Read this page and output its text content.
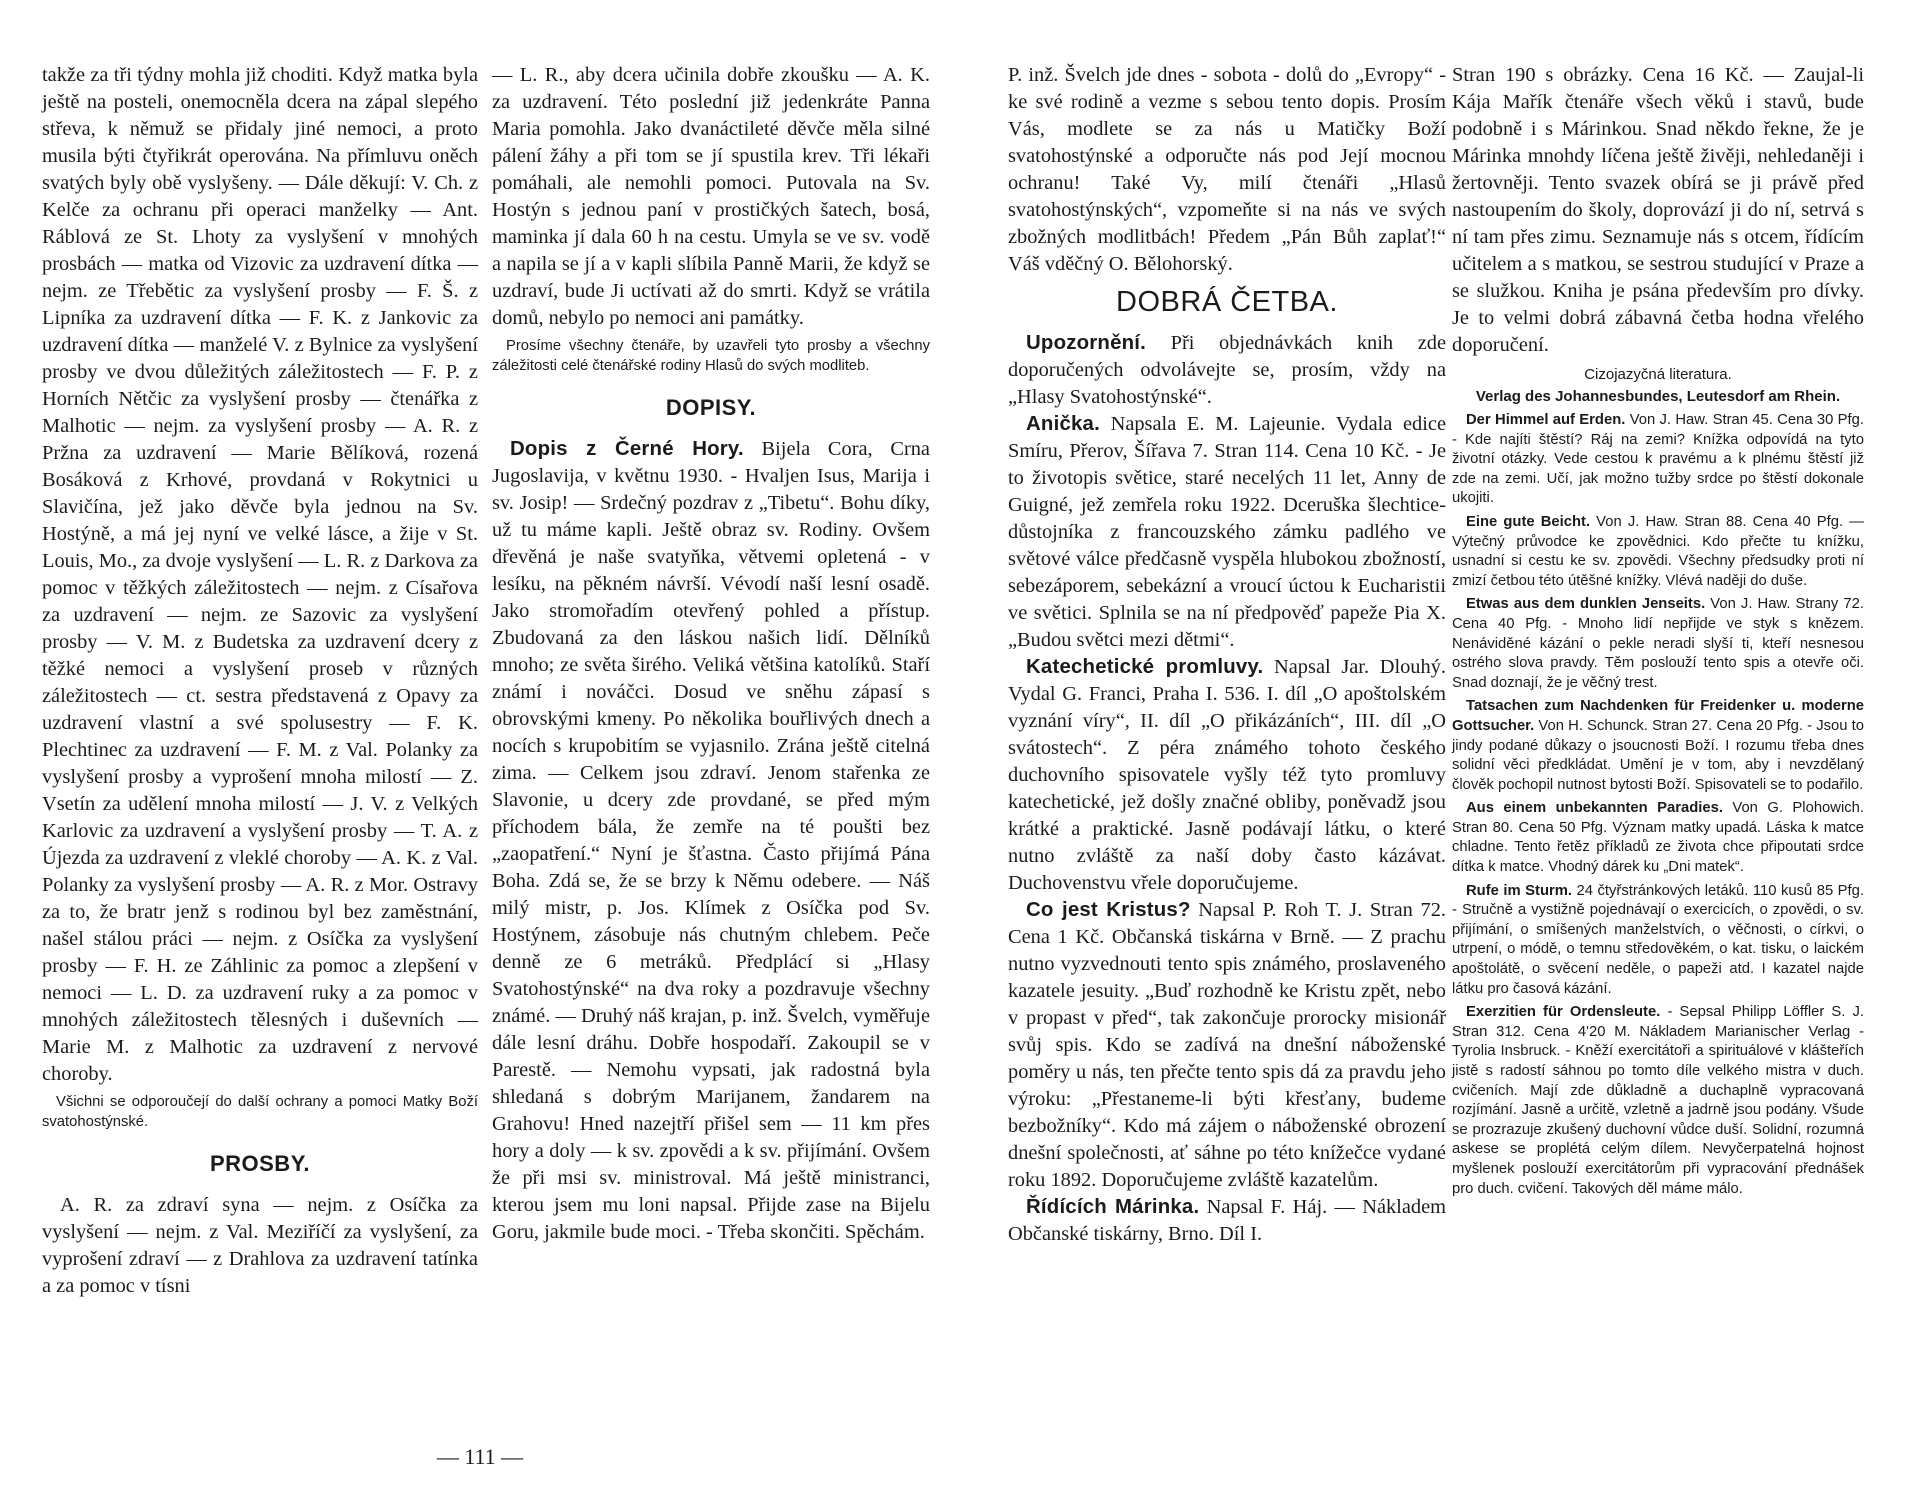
takže za tři týdny mohla již choditi. Když matka byla ještě na posteli, onemocněla dcera na zápal slepého střeva, k němuž se přidaly jiné nemoci, a proto musila býti čtyřikrát operována. Na přímluvu oněch svatých byly obě vyslyšeny. — Dále děkují: V. Ch. z Kelče za ochranu při operaci manželky — Ant. Ráblová ze St. Lhoty za vyslyšení v mnohých prosbách — matka od Vizovic za uzdravení dítka — nejm. ze Třebětic za vyslyšení prosby — F. Š. z Lipníka za uzdravení dítka — F. K. z Jankovic za uzdravení dítka — manželé V. z Bylnice za vyslyšení prosby ve dvou důležitých záležitostech — F. P. z Horních Nětčic za vyslyšení prosby — čtenářka z Malhotic — nejm. za vyslyšení prosby — A. R. z Pržna za uzdravení — Marie Bělíková, rozená Bosáková z Krhové, provdaná v Rokytnici u Slavičína, jež jako děvče byla jednou na Sv. Hostýně, a má jej nyní ve velké lásce, a žije v St. Louis, Mo., za dvoje vyslyšení — L. R. z Darkova za pomoc v těžkých záležitostech — nejm. z Císařova za uzdravení — nejm. ze Sazovic za vyslyšení prosby — V. M. z Budetska za uzdravení dcery z těžké nemoci a vyslyšení proseb v různých záležitostech — ct. sestra představená z Opavy za uzdravení vlastní a své spolusestry — F. K. Plechtinec za uzdravení — F. M. z Val. Polanky za vyslyšení prosby a vyprošení mnoha milostí — Z. Vsetín za udělení mnoha milostí — J. V. z Velkých Karlovic za uzdravení a vyslyšení prosby — T. A. z Újezda za uzdravení z vleklé choroby — A. K. z Val. Polanky za vyslyšení prosby — A. R. z Mor. Ostravy za to, že bratr jenž s rodinou byl bez zaměstnání, našel stálou práci — nejm. z Osíčka za vyslyšení prosby — F. H. ze Záhlinic za pomoc a zlepšení v nemoci — L. D. za uzdravení ruky a za pomoc v mnohých záležitostech tělesných i duševních — Marie M. z Malhotic za uzdravení z nervové choroby.

Všichni se odporoučejí do další ochrany a pomoci Matky Boží svatohostýnské.

PROSBY.

A. R. za zdraví syna — nejm. z Osíčka za vyslyšení — nejm. z Val. Meziříčí za vyslyšení, za vyprošení zdraví — z Drahlova za uzdravení tatínka a za pomoc v tísni

— L. R., aby dcera učinila dobře zkoušku — A. K. za uzdravení. Této poslední již jedenkráte Panna Maria pomohla. Jako dvanáctileté děvče měla silné pálení žáhy a při tom se jí spustila krev. Tři lékaři pomáhali, ale nemohli pomoci. Putovala na Sv. Hostýn s jednou paní v prostičkých šatech, bosá, maminka jí dala 60 h na cestu. Umyla se ve sv. vodě a napila se jí a v kapli slíbila Panně Marii, že když se uzdraví, bude Ji uctívati až do smrti. Když se vrátila domů, nebylo po nemoci ani památky.

Prosíme všechny čtenáře, by uzavřeli tyto prosby a všechny záležitosti celé čtenářské rodiny Hlasů do svých modliteb.

DOPISY.

Dopis z Černé Hory. Bijela Cora, Crna Jugoslavija, v květnu 1930. - Hvaljen Isus, Marija i sv. Josip! — Srdečný pozdrav z „Tibetu“. Bohu díky, už tu máme kapli. Ještě obraz sv. Rodiny. Ovšem dřevěná je naše svatyňka, větvemi opletená - v lesíku, na pěkném návrší. Vévodí naší lesní osadě. Jako stromořadím otevřený pohled a přístup. Zbudovaná za den láskou našich lidí. Dělníků mnoho; ze světa širého. Veliká většina katolíků. Staří známí i nováčci. Dosud ve sněhu zápasí s obrovskými kmeny. Po několika bouřlivých dnech a nocích s krupobitím se vyjasnilo. Zrána ještě citelná zima. — Celkem jsou zdraví. Jenom stařenka ze Slavonie, u dcery zde provdané, se před mým příchodem bála, že zemře na té poušti bez „zaopatření.“ Nyní je šťastna. Často přijímá Pána Boha. Zdá se, že se brzy k Němu odebere. — Náš milý mistr, p. Jos. Klímek z Osíčka pod Sv. Hostýnem, zásobuje nás chutným chlebem. Peče denně ze 6 metráků. Předplácí si „Hlasy Svatohostýnské“ na dva roky a pozdravuje všechny známé. — Druhý náš krajan, p. inž. Švelch, vyměřuje dále lesní dráhu. Dobře hospodaří. Zakoupil se v Parestě. — Nemohu vypsati, jak radostná byla shledaná s dobrým Marijanem, žandarem na Grahovu! Hned nazejtří přišel sem — 11 km přes hory a doly — k sv. zpovědi a k sv. přijímání. Ovšem že při msi sv. ministroval. Má ještě ministranci, kterou jsem mu loni napsal. Přijde zase na Bijelu Goru, jakmile bude moci. - Třeba skončiti. Spěchám.

P. inž. Švelch jde dnes - sobota - dolů do „Evropy“ - ke své rodině a vezme s sebou tento dopis. Prosím Vás, modlete se za nás u Matičky Boží svatohostýnské a odporučte nás pod Její mocnou ochranu! Také Vy, milí čtenáři „Hlasů svatohostýnských“, vzpomeňte si na nás ve svých zbožných modlitbách! Předem „Pán Bůh zaplať!“ Váš vděčný O. Bělohorský.

DOBRÁ ČETBA.

Upozornění. Při objednávkách knih zde doporučených odvolávejte se, prosím, vždy na „Hlasy Svatohostýnské“.

Anička. Napsala E. M. Lajeunie. Vydala edice Smíru, Přerov, Šířava 7. Stran 114. Cena 10 Kč. - Je to životopis světice, staré necelých 11 let, Anny de Guigné, jež zemřela roku 1922. Dceruška šlechtice-důstojníka z francouzského zámku padlého ve světové válce předčasně vyspěla hlubokou zbožností, sebezáporem, sebekázní a vroucí úctou k Eucharistii ve světici. Splnila se na ní předpověď papeže Pia X. „Budou světci mezi dětmi“.

Katechetické promluvy. Napsal Jar. Dlouhý. Vydal G. Franci, Praha I. 536. I. díl „O apoštolském vyznání víry“, II. díl „O přikázáních“, III. díl „O svátostech“. Z péra známého tohoto českého duchovního spisovatele vyšly též tyto promluvy katechetické, jež došly značné obliby, poněvadž jsou krátké a praktické. Jasně podávají látku, o které nutno zvláště za naší doby často kázávat. Duchovenstvu vřele doporučujeme.

Co jest Kristus? Napsal P. Roh T. J. Stran 72. Cena 1 Kč. Občanská tiskárna v Brně. — Z prachu nutno vyzvednouti tento spis známého, proslaveného kazatele jesuity. „Buď rozhodně ke Kristu zpět, nebo v propast v před“, tak zakončuje prorocky misionář svůj spis. Kdo se zadívá na dnešní náboženské poměry u nás, ten přečte tento spis dá za pravdu jeho výroku: „Přestaneme-li býti křesťany, budeme bezbožníky“. Kdo má zájem o náboženské obrození dnešní společnosti, ať sáhne po této knížečce vydané roku 1892. Doporučujeme zvláště kazatelům.

Řídících Márinka. Napsal F. Háj. — Nákladem Občanské tiskárny, Brno. Díl I.

Stran 190 s obrázky. Cena 16 Kč. — Zaujal-li Kája Mařík čtenáře všech věků i stavů, bude podobně i s Márinkou. Snad někdo řekne, že je Márinka mnohdy líčena ještě živěji, nehledaněji i žertovněji. Tento svazek obírá se ji právě před nastoupením do školy, doprovází ji do ní, setrvá s ní tam přes zimu. Seznamuje nás s otcem, řídícím učitelem a s matkou, se sestrou studující v Praze a se služkou. Kniha je psána především pro dívky. Je to velmi dobrá zábavná četba hodna vřelého doporučení.

Cizojazyčná literatura.

Verlag des Johannesbundes, Leutesdorf am Rhein.

Der Himmel auf Erden. Von J. Haw. Stran 45. Cena 30 Pfg. - Kde najíti štěstí? Ráj na zemi? Knížka odpovídá na tyto životní otázky. Vede cestou k pravému a k plnému štěstí již zde na zemi. Učí, jak možno tužby srdce po štěstí dokonale ukojiti.

Eine gute Beicht. Von J. Haw. Stran 88. Cena 40 Pfg. — Výtečný průvodce ke zpovědnici. Kdo přečte tu knížku, usnadní si cestu ke sv. zpovědi. Všechny předsudky proti ní zmizí četbou této útěšné knížky. Vlévá naději do duše.

Etwas aus dem dunklen Jenseits. Von J. Haw. Strany 72. Cena 40 Pfg. - Mnoho lidí nepřijde ve styk s knězem. Nenáviděné kázání o pekle neradi slyší ti, kteří nesnesou ostrého slova pravdy. Těm poslouží tento spis a otevře oči. Snad doznají, že je věčný trest.

Tatsachen zum Nachdenken für Freidenker u. moderne Gottsucher. Von H. Schunck. Stran 27. Cena 20 Pfg. - Jsou to jindy podané důkazy o jsoucnosti Boží. I rozumu třeba dnes solidní věci předkládat. Umění je v tom, aby i nevzdělaný člověk pochopil nutnost bytosti Boží. Spisovateli se to podařilo.

Aus einem unbekannten Paradies. Von G. Plohowich. Stran 80. Cena 50 Pfg. Význam matky upadá. Láska k matce chladne. Tento řetěz příkladů ze života chce připoutati srdce dítka k matce. Vhodný dárek ku „Dni matek“.

Rufe im Sturm. 24 čtyřstránkových letáků. 110 kusů 85 Pfg. - Stručně a vystižně pojednávají o exercicích, o zpovědi, o sv. přijímání, o smíšených manželstvích, o věčnosti, o církvi, o utrpení, o módě, o temnu středověkém, o kat. tisku, o laickém apoštolátě, o svěcení neděle, o papeži atd. I kazatel najde látku pro časová kázání.

Exerzitien für Ordensleute. - Sepsal Philipp Löffler S. J. Stran 312. Cena 4'20 M. Nákladem Marianischer Verlag - Tyrolia Insbruck. - Kněží exercitátoři a spirituálové v klášteřích jistě s radostí sáhnou po tomto díle velkého mistra v duch. cvičeních. Mají zde důkladně a duchaplně vypracovaná rozjímání. Jasně a určitě, vzletně a jadrně jsou podány. Všude se prozrazuje zkušený duchovní vůdce duší. Solidní, rozumná askese se proplétá celým dílem. Nevyčerpatelná hojnost myšlenek poslouží exercitátorům při vypracování přednášek pro duch. cvičení. Takových děl máme málo.

— 111 —
